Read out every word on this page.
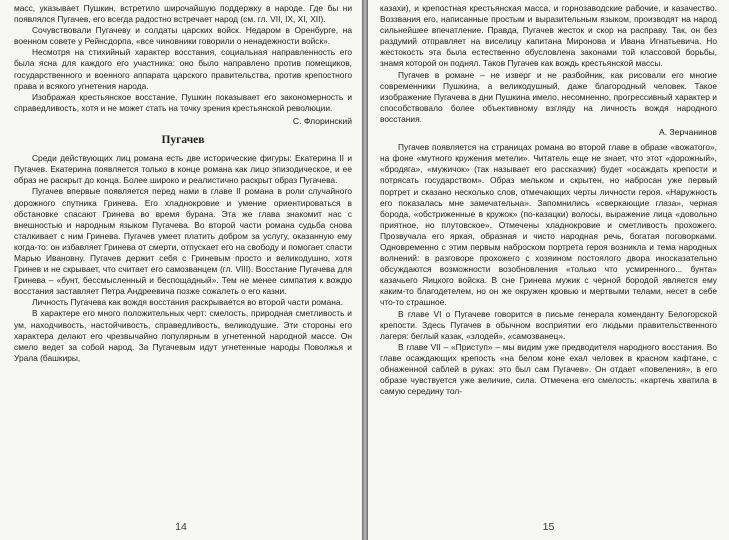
масс, указывает Пушкин, встретило широчайшую поддержку в народе. Где бы ни появлялся Пугачев, его всегда радостно встречает народ (см. гл. VII, IX, XI, XII).

Сочувствовали Пугачеву и солдаты царских войск. Недаром в Оренбурге, на военном совете у Рейнсдорпа, «все чиновники говорили о ненадежности войск».

Несмотря на стихийный характер восстания, социальная направленность его была ясна для каждого его участника: оно было направлено против помещиков, государственного и военного аппарата царского правительства, против крепостного права и всякого угнетения народа.

Изображая крестьянское восстание, Пушкин показывает его закономерность и справедливость, хотя и не может стать на точку зрения крестьянской революции.

С. Флоринский
Пугачев

Среди действующих лиц романа есть две исторические фигуры: Екатерина II и Пугачев. Екатерина появляется только в конце романа как лицо эпизодическое, и ее образ не раскрыт до конца. Более широко и реалистично раскрыт образ Пугачева.

Пугачев впервые появляется перед нами в главе II романа в роли случайного дорожного спутника Гринева. Его хладнокровие и умение ориентироваться в обстановке спасают Гринева во время бурана. Эта же глава знакомит нас с внешностью и народным языком Пугачева. Во второй части романа судьба снова сталкивает с ним Гринева. Пугачев умеет платить добром за услугу, оказанную ему когда-то: он избавляет Гринева от смерти, отпускает его на свободу и помогает спасти Марью Ивановну. Пугачев держит себя с Гриневым просто и великодушно, хотя Гринев и не скрывает, что считает его самозванцем (гл. VIII). Восстание Пугачева для Гринева – «бунт, бессмысленный и беспощадный». Тем не менее симпатия к вождю восстания заставляет Петра Андреевича позже сожалеть о его казни.

Личность Пугачева как вождя восстания раскрывается во второй части романа.

В характере его много положительных черт: смелость, природная сметливость и ум, находчивость, настойчивость, справедливость, великодушие. Эти стороны его характера делают его чрезвычайно популярным в угнетенной народной массе. Он смело ведет за собой народ. За Пугачевым идут угнетенные народы Поволжья и Урала (башкиры,

14

казахи), и крепостная крестьянская масса, и горнозаводские рабочие, и казачество. Воззвания его, написанные простым и выразительным языком, производят на народ сильнейшее впечатление. Правда, Пугачев жесток и скор на расправу. Так, он без раздумий отправляет на виселицу капитана Миронова и Ивана Игнатьевича. Но жестокость эта была естественно обусловлена законами той классовой борьбы, знамя которой он поднял. Таков Пугачев как вождь крестьянской массы.

Пугачев в романе – не изверг и не разбойник, как рисовали его многие современники Пушкина, а великодушный, даже благородный человек. Такое изображение Пугачева в дни Пушкина имело, несомненно, прогрессивный характер и способствовало более объективному взгляду на личность вождя народного восстания.

А. Зерчанинов

Пугачев появляется на страницах романа во второй главе в образе «вожатого», на фоне «мутного кружения метели». Читатель еще не знает, что этот «дорожный», «бродяга», «мужичок» (так называет его рассказчик) будет «осаждать крепости и потрясать государством». Образ мельком и скрытен, но набросан уже первый портрет и сказано несколько слов, отмечающих черты личности героя. «Наружность его показалась мне замечательна». Запомнились «сверкающие глаза», черная борода, «обстриженные в кружок» (по-казацки) волосы, выражение лица «довольно приятное, но плутовское». Отмечены хладнокровие и сметливость прохожего. Прозвучала его яркая, образная и чисто народная речь, богатая поговорками. Одновременно с этим первым наброском портрета героя возникла и тема народных волнений: в разговоре прохожего с хозяином постоялого двора иносказательно обсуждаются возможности возобновления «только что усмиренного... бунта» казачьего Яицкого войска. В сне Гринева мужик с черной бородой является ему каким-то благодетелем, но он же окружен кровью и мертвыми телами, несет в себе что-то страшное.

В главе VI о Пугачеве говорится в письме генерала коменданту Белогорской крепости. Здесь Пугачев в обычном восприятии его людьми правительственного лагеря: беглый казак, «злодей», «самозванец».

В главе VII – «Приступ» – мы видим уже предводителя народного восстания. Во главе осаждающих крепость «на белом коне ехал человек в красном кафтане, с обнаженной саблей в руках: это был сам Пугачев». Он отдает «повеления», в его образе чувствуется уже величие, сила. Отмечена его смелость: «картечь хватила в самую середину тол-

15
